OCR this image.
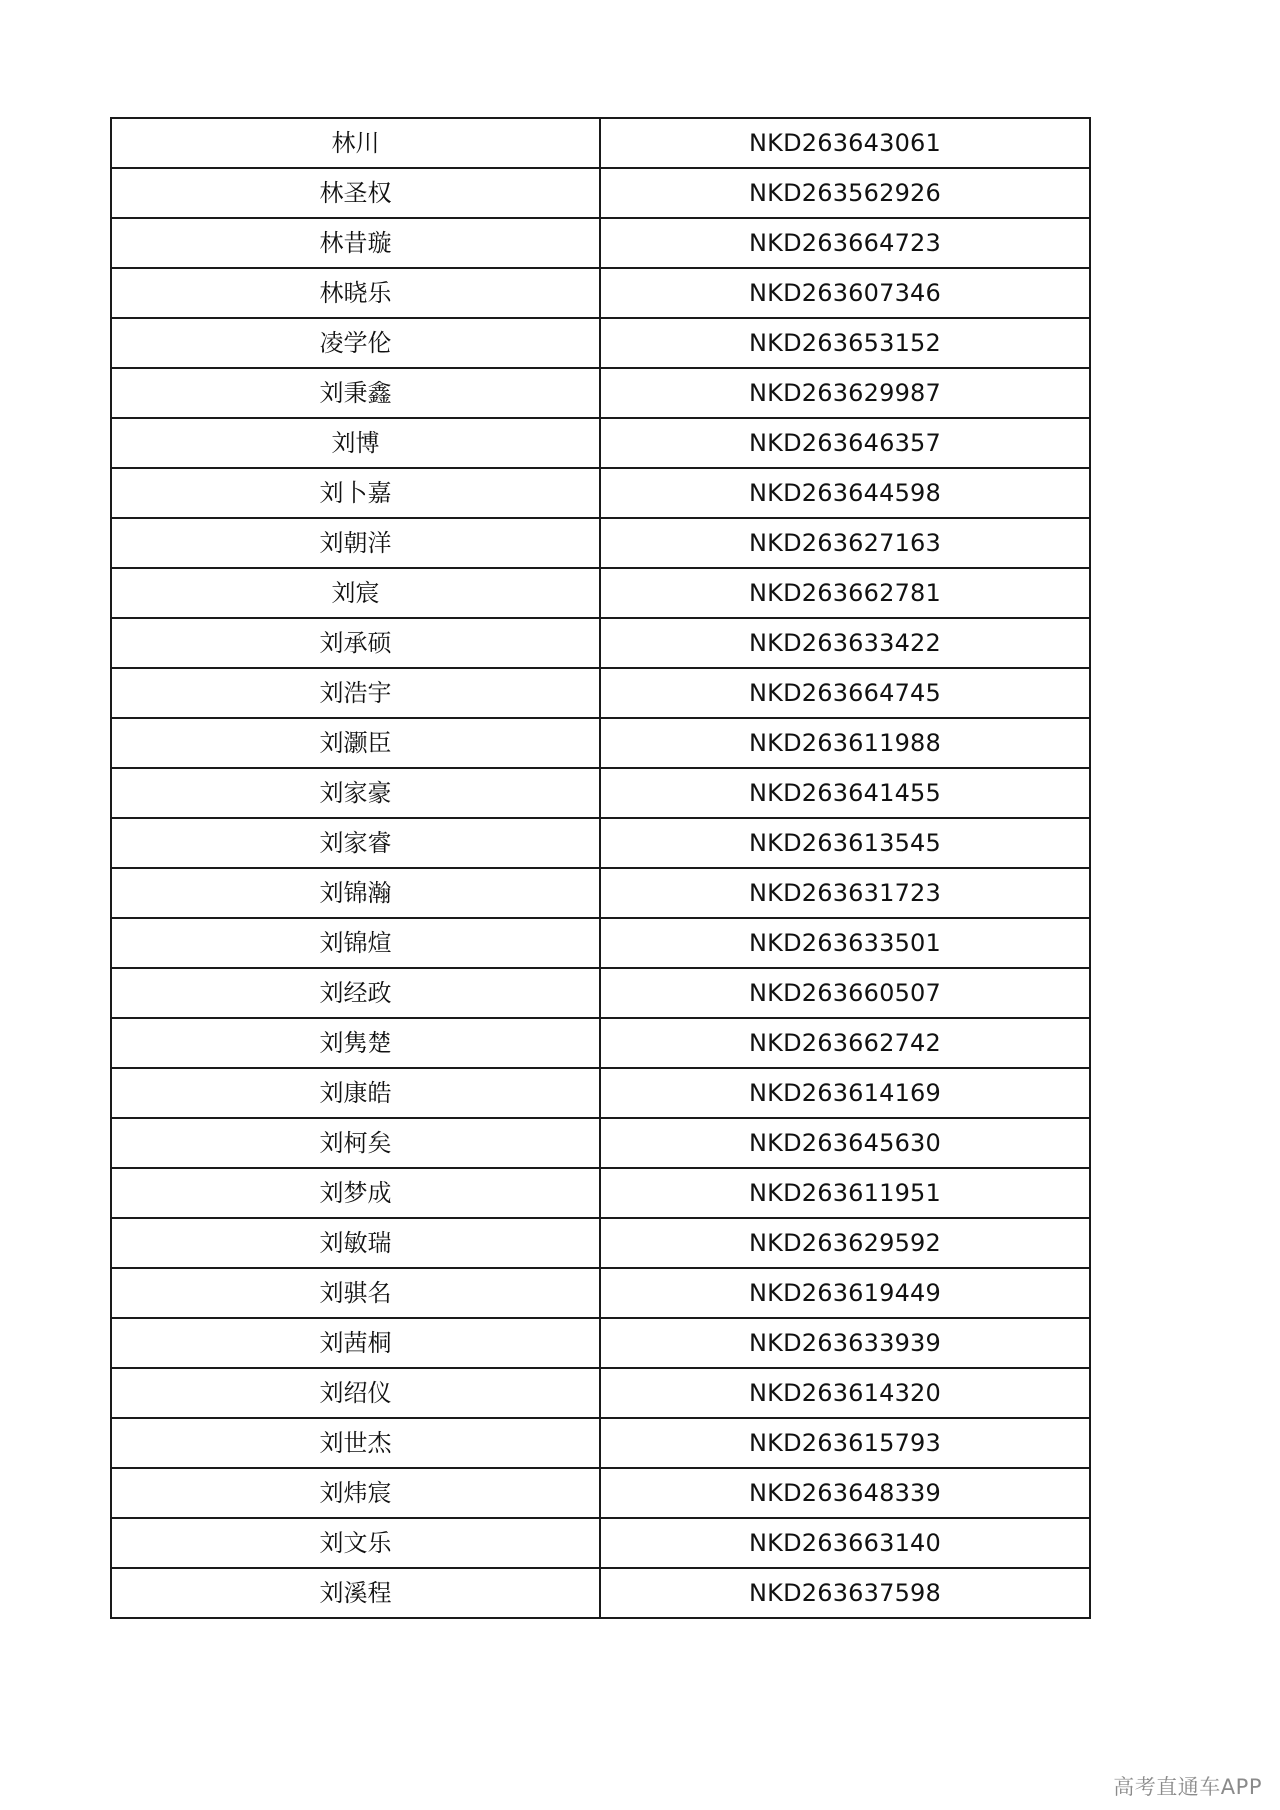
林川	NKD263643061
林圣权	NKD263562926
林昔璇	NKD263664723
林晓乐	NKD263607346
凌学伦	NKD263653152
刘秉鑫	NKD263629987
刘博	NKD263646357
刘卜嘉	NKD263644598
刘朝洋	NKD263627163
刘宸	NKD263662781
刘承硕	NKD263633422
刘浩宇	NKD263664745
刘灏臣	NKD263611988
刘家豪	NKD263641455
刘家睿	NKD263613545
刘锦瀚	NKD263631723
刘锦煊	NKD263633501
刘经政	NKD263660507
刘隽楚	NKD263662742
刘康皓	NKD263614169
刘柯矣	NKD263645630
刘梦成	NKD263611951
刘敏瑞	NKD263629592
刘骐名	NKD263619449
刘茜桐	NKD263633939
刘绍仪	NKD263614320
刘世杰	NKD263615793
刘炜宸	NKD263648339
刘文乐	NKD263663140
刘溪程	NKD263637598
高考直通车APP
